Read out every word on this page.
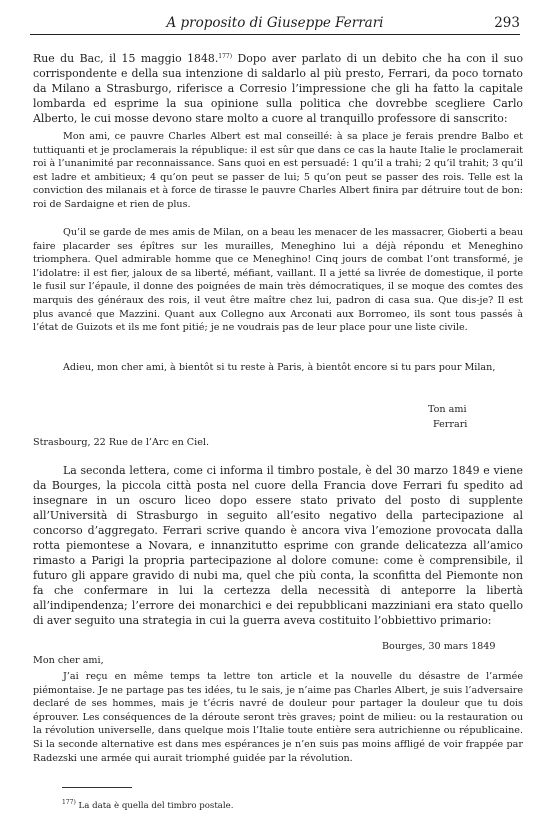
A proposito di Giuseppe Ferrari	293

Rue du Bac, il 15 maggio 1848.$^{177)}$ Dopo aver parlato di un debito che ha con il suo corrispondente e della sua intenzione di saldarlo al più presto, Ferrari, da poco tornato da Milano a Strasburgo, riferisce a Corresio l’impressione che gli ha fatto la capitale lombarda ed esprime la sua opinione sulla politica che dovrebbe scegliere Carlo Alberto, le cui mosse devono stare molto a cuore al tranquillo professore di sanscrito:

Mon ami, ce pauvre Charles Albert est mal conseillé: à sa place je ferais prendre Balbo et tuttiquanti et je proclamerais la république: il est sûr que dans ce cas la haute Italie le proclamerait roi à l’unanimité par reconnaissance. Sans quoi en est persuadé: 1 qu’il a trahi; 2 qu’il trahit; 3 qu’il est ladre et ambitieux; 4 qu’on peut se passer de lui; 5 qu’on peut se passer des rois. Telle est la conviction des milanais et à force de tirasse le pauvre Charles Albert finira par détruire tout de bon: roi de Sardaigne et rien de plus.

Qu’il se garde de mes amis de Milan, on a beau les menacer de les massacrer, Gioberti a beau faire placarder ses épîtres sur les murailles, Meneghino lui a déjà répondu et Meneghino triomphera. Quel admirable homme que ce Meneghino! Cinq jours de combat l’ont transformé, je l’idolatre: il est fier, jaloux de sa liberté, méfiant, vaillant. Il a jetté sa livrée de domestique, il porte le fusil sur l’épaule, il donne des poignées de main très démocratiques, il se moque des comtes des marquis des généraux des rois, il veut être maître chez lui, padron di casa sua. Que dis-je? Il est plus avancé que Mazzini. Quant aux Collegno aux Arconati aux Borromeo, ils sont tous passés à l’état de Guizots et ils me font pitié; je ne voudrais pas de leur place pour une liste civile.

Adieu, mon cher ami, à bientôt si tu reste à Paris, à bientôt encore si tu pars pour Milan,

Ton ami
Ferrari
Strasbourg, 22 Rue de l’Arc en Ciel.

La seconda lettera, come ci informa il timbro postale, è del 30 marzo 1849 e viene da Bourges, la piccola città posta nel cuore della Francia dove Ferrari fu spedito ad insegnare in un oscuro liceo dopo essere stato privato del posto di supplente all’Università di Strasburgo in seguito all’esito negativo della partecipazione al concorso d’aggregato. Ferrari scrive quando è ancora viva l’emozione provocata dalla rotta piemontese a Novara, e innanzitutto esprime con grande delicatezza all’amico rimasto a Parigi la propria partecipazione al dolore comune: come è comprensibile, il futuro gli appare gravido di nubi ma, quel che più conta, la sconfitta del Piemonte non fa che confermare in lui la certezza della necessità di anteporre la libertà all’indipendenza; l’errore dei monarchici e dei repubblicani mazziniani era stato quello di aver seguito una strategia in cui la guerra aveva costituito l’obbiettivo primario:

Bourges, 30 mars 1849
Mon cher ami,

J’ai reçu en même temps ta lettre ton article et la nouvelle du désastre de l’armée piémontaise. Je ne partage pas tes idées, tu le sais, je n’aime pas Charles Albert, je suis l’adversaire declaré de ses hommes, mais je t’écris navré de douleur pour partager la douleur que tu dois éprouver. Les conséquences de la déroute seront très graves; point de milieu: ou la restauration ou la révolution universelle, dans quelque mois l’Italie toute entière sera autrichienne ou républicaine. Si la seconde alternative est dans mes espérances je n’en suis pas moins affligé de voir frappée par Radezski une armée qui aurait triomphé guidée par la révolution.

$^{177)}$ La data è quella del timbro postale.
